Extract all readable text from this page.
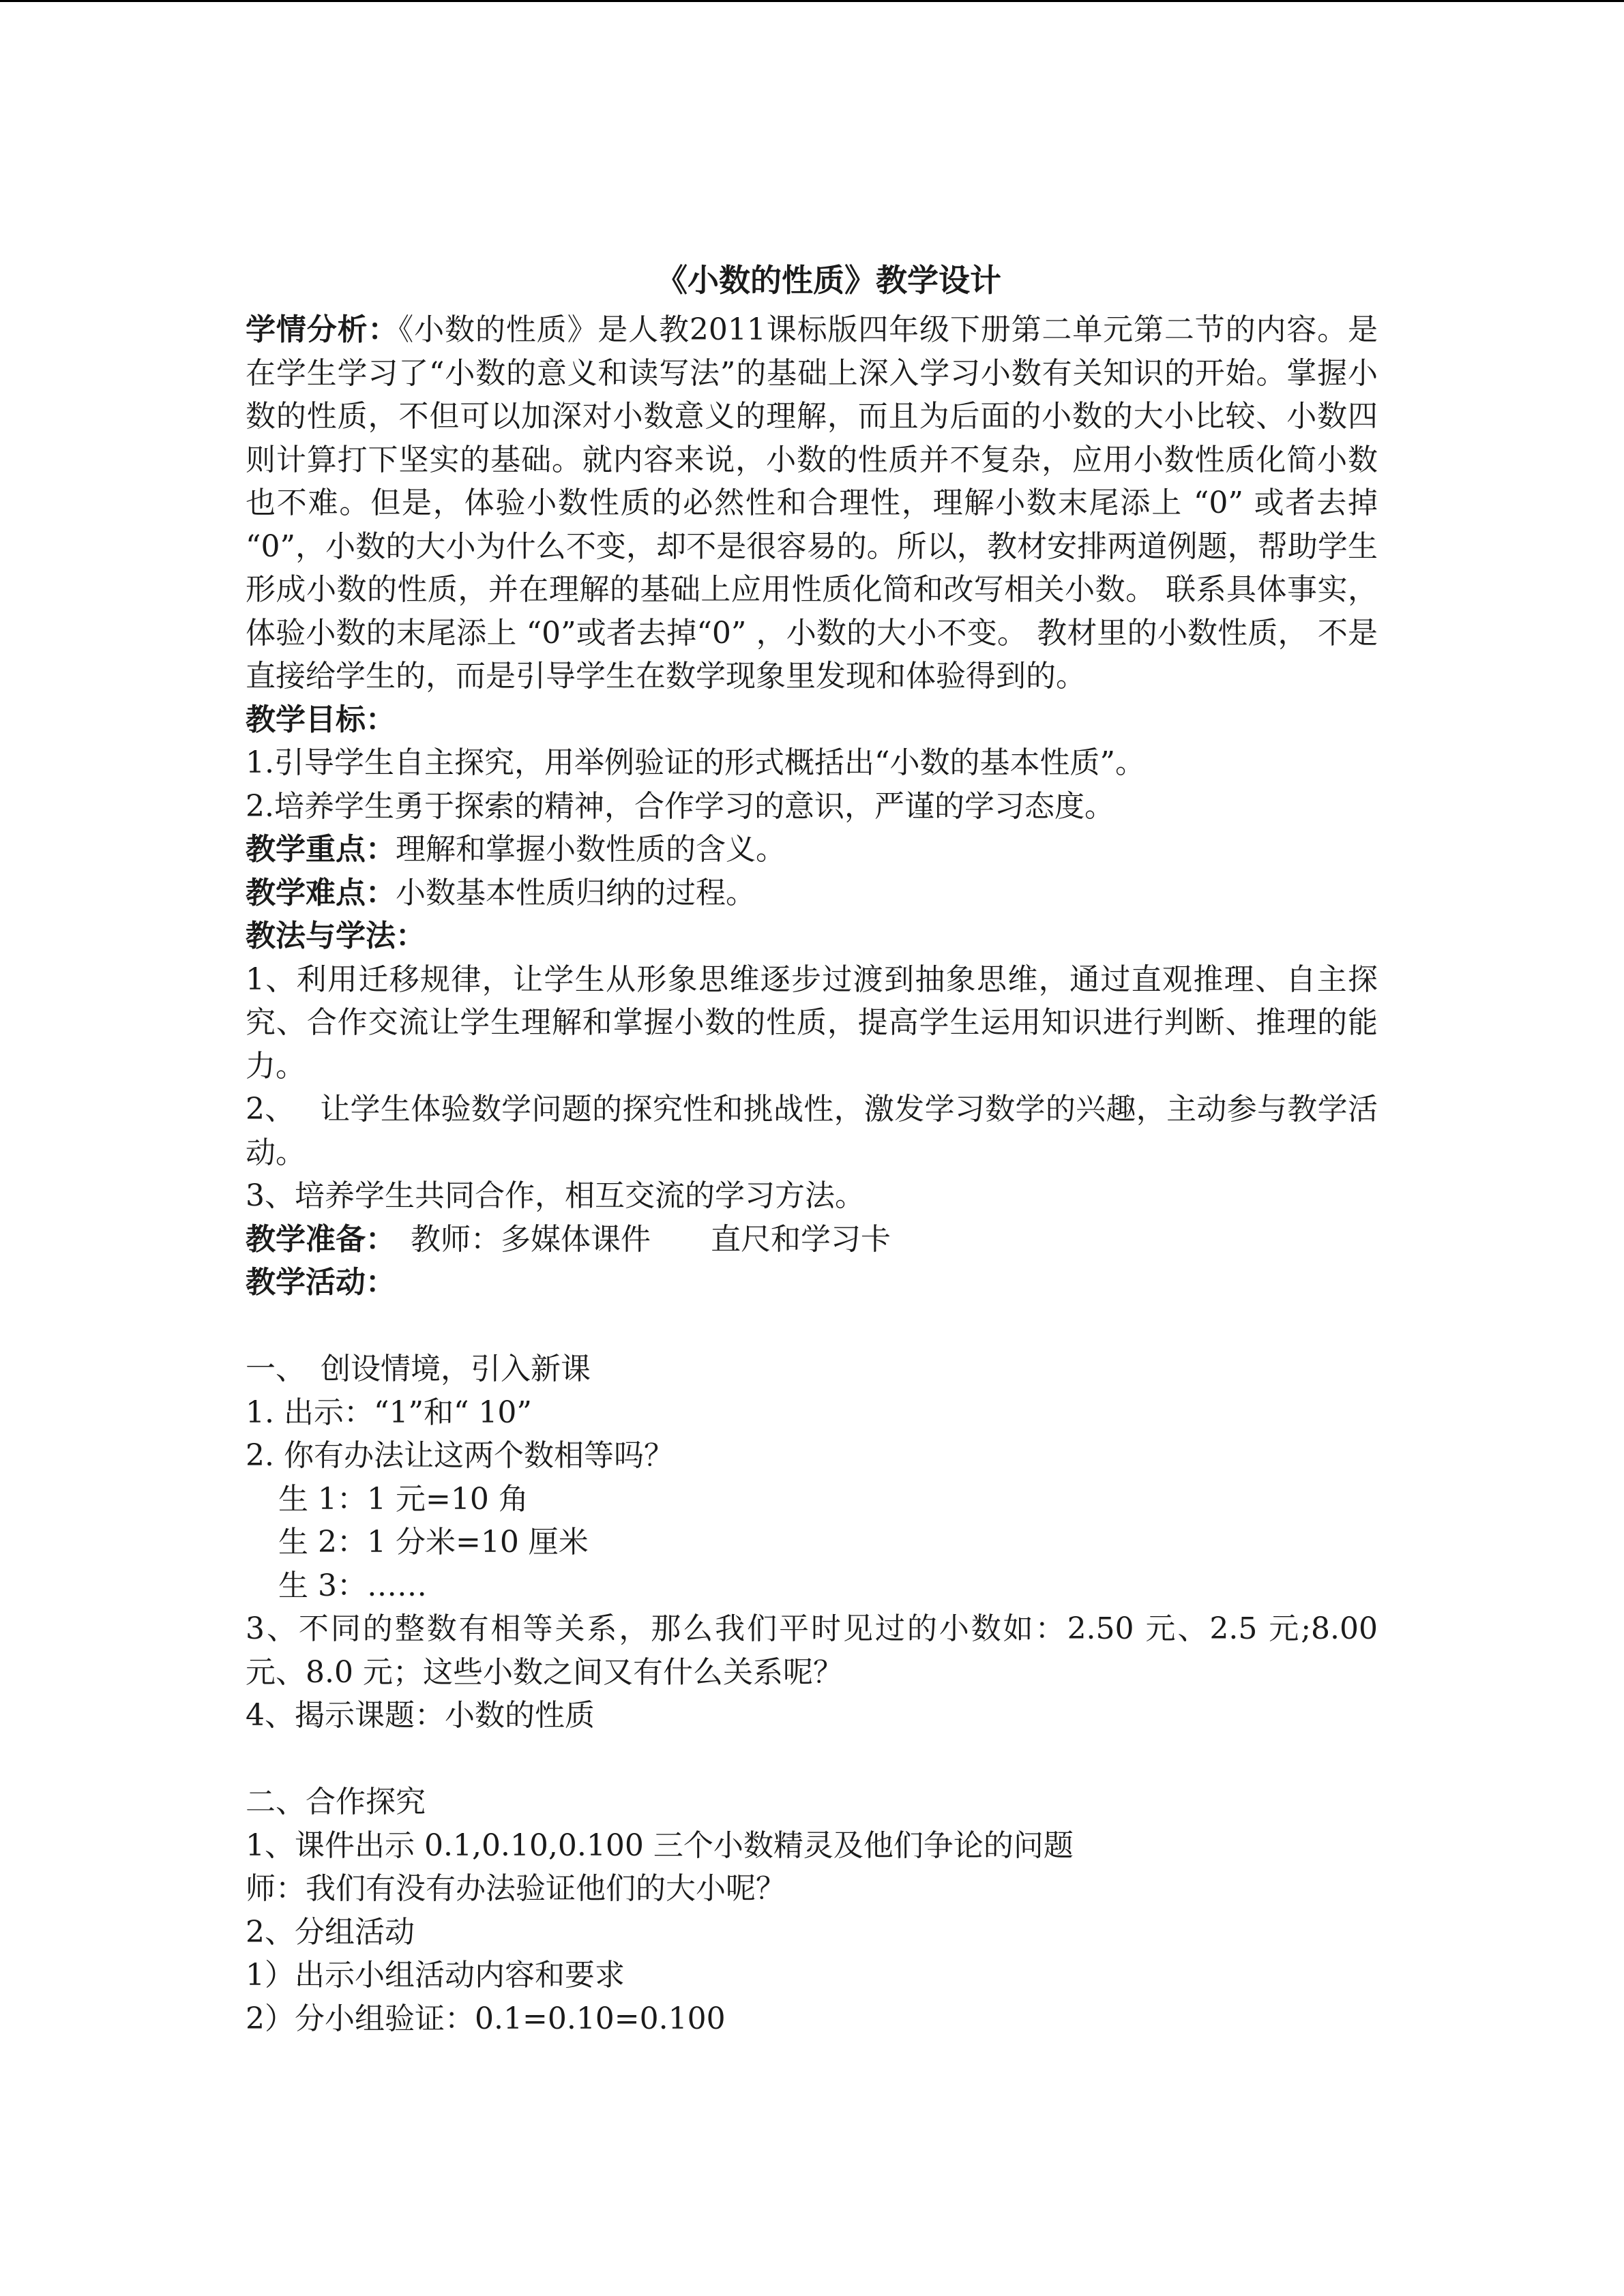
《小数的性质》教学设计
学情分析：《小数的性质》是人教2011课标版四年级下册第二单元第二节的内容。是在学生学习了“小数的意义和读写法”的基础上深入学习小数有关知识的开始。掌握小数的性质，不但可以加深对小数意义的理解，而且为后面的小数的大小比较、小数四则计算打下坚实的基础。就内容来说，小数的性质并不复杂，应用小数性质化简小数也不难。但是，体验小数性质的必然性和合理性，理解小数末尾添上 “0” 或者去掉 “0”，小数的大小为什么不变，却不是很容易的。所以，教材安排两道例题，帮助学生形成小数的性质，并在理解的基础上应用性质化简和改写相关小数。 联系具体事实，体验小数的末尾添上 “0”或者去掉“0” ，小数的大小不变。 教材里的小数性质， 不是直接给学生的，而是引导学生在数学现象里发现和体验得到的。
教学目标：
1.引导学生自主探究，用举例验证的形式概括出“小数的基本性质”。
2.培养学生勇于探索的精神，合作学习的意识，严谨的学习态度。
教学重点：理解和掌握小数性质的含义。
教学难点：小数基本性质归纳的过程。
教法与学法：
1、利用迁移规律，让学生从形象思维逐步过渡到抽象思维，通过直观推理、自主探究、合作交流让学生理解和掌握小数的性质，提高学生运用知识进行判断、推理的能力。
2、　 让学生体验数学问题的探究性和挑战性，激发学习数学的兴趣，主动参与教学活动。
3、培养学生共同合作，相互交流的学习方法。
教学准备：　教师：多媒体课件　　直尺和学习卡
教学活动：
一、　创设情境，引入新课
1. 出示：“1”和“ 10”
2. 你有办法让这两个数相等吗？
生 1：1 元=10 角
生 2：1 分米=10 厘米
生 3：……
3、不同的整数有相等关系，那么我们平时见过的小数如：2.50 元、2.5 元;8.00 元、8.0 元；这些小数之间又有什么关系呢？
4、揭示课题：小数的性质
二、合作探究
1、课件出示 0.1,0.10,0.100 三个小数精灵及他们争论的问题
师：我们有没有办法验证他们的大小呢？
2、分组活动
1）出示小组活动内容和要求
2）分小组验证：0.1=0.10=0.100
